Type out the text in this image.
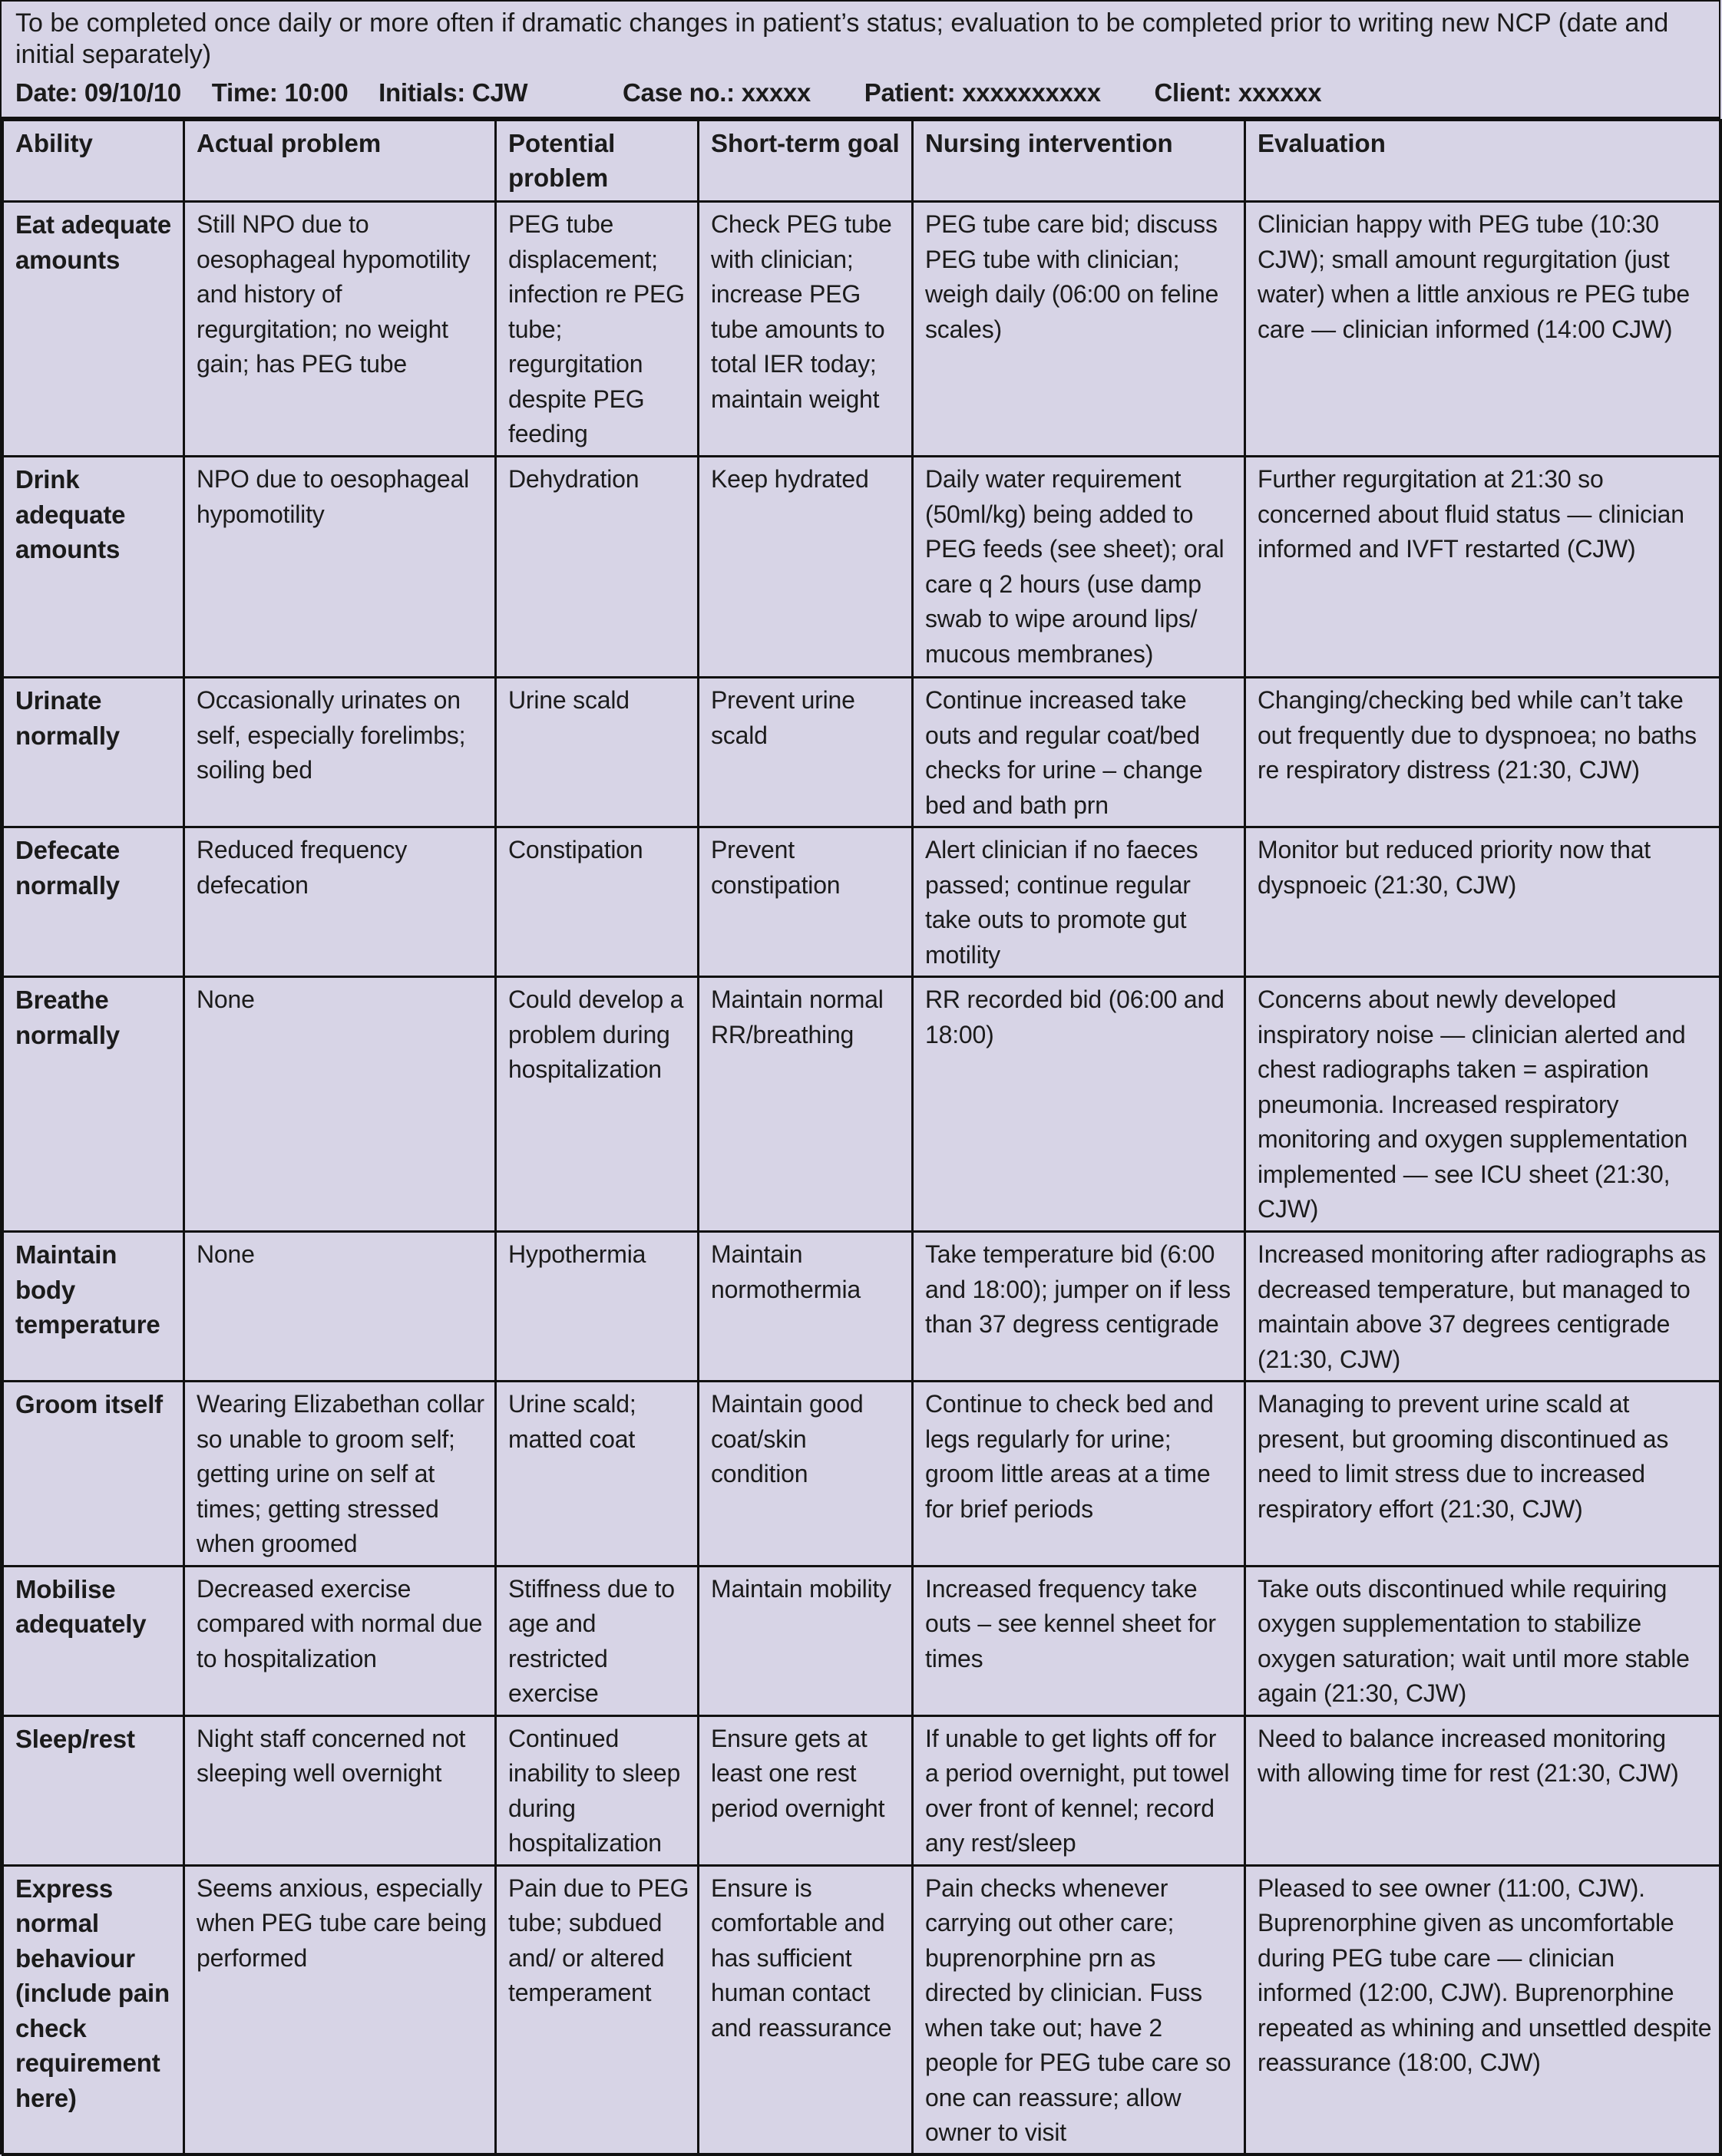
To be completed once daily or more often if dramatic changes in patient’s status; evaluation to be completed prior to writing new NCP (date and initial separately)

Date: 09/10/10 Time: 10:00 Initials: CJW	Case no.: xxxxx Patient: xxxxxxxxxx Client: xxxxxx
Ability	Actual problem	Potential problem	Short-term goal	Nursing intervention	Evaluation
Eat adequate amounts	Still NPO due to oesophageal hypomotility and history of regurgitation; no weight gain; has PEG tube	PEG tube displacement; infection re PEG tube; regurgitation despite PEG feeding	Check PEG tube with clinician; increase PEG tube amounts to total IER today; maintain weight	PEG tube care bid; discuss PEG tube with clinician; weigh daily (06:00 on feline scales)	Clinician happy with PEG tube (10:30 CJW); small amount regurgitation (just water) when a little anxious re PEG tube care — clinician informed (14:00 CJW)
Drink adequate amounts	NPO due to oesophageal hypomotility	Dehydration	Keep hydrated	Daily water requirement (50ml/kg) being added to PEG feeds (see sheet); oral care q 2 hours (use damp swab to wipe around lips/ mucous membranes)	Further regurgitation at 21:30 so concerned about fluid status — clinician informed and IVFT restarted (CJW)
Urinate normally	Occasionally urinates on self, especially forelimbs; soiling bed	Urine scald	Prevent urine scald	Continue increased take outs and regular coat/bed checks for urine – change bed and bath prn	Changing/checking bed while can’t take out frequently due to dyspnoea; no baths re respiratory distress (21:30, CJW)
Defecate normally	Reduced frequency defecation	Constipation	Prevent constipation	Alert clinician if no faeces passed; continue regular take outs to promote gut motility	Monitor but reduced priority now that dyspnoeic (21:30, CJW)
Breathe normally	None	Could develop a problem during hospitalization	Maintain normal RR/breathing	RR recorded bid (06:00 and 18:00)	Concerns about newly developed inspiratory noise — clinician alerted and chest radiographs taken = aspiration pneumonia. Increased respiratory monitoring and oxygen supplementation implemented — see ICU sheet (21:30, CJW)
Maintain body temperature	None	Hypothermia	Maintain normothermia	Take temperature bid (6:00 and 18:00); jumper on if less than 37 degress centigrade	Increased monitoring after radiographs as decreased temperature, but managed to maintain above 37 degrees centigrade (21:30, CJW)
Groom itself	Wearing Elizabethan collar so unable to groom self; getting urine on self at times; getting stressed when groomed	Urine scald; matted coat	Maintain good coat/skin condition	Continue to check bed and legs regularly for urine; groom little areas at a time for brief periods	Managing to prevent urine scald at present, but grooming discontinued as need to limit stress due to increased respiratory effort (21:30, CJW)
Mobilise adequately	Decreased exercise compared with normal due to hospitalization	Stiffness due to age and restricted exercise	Maintain mobility	Increased frequency take outs – see kennel sheet for times	Take outs discontinued while requiring oxygen supplementation to stabilize oxygen saturation; wait until more stable again (21:30, CJW)
Sleep/rest	Night staff concerned not sleeping well overnight	Continued inability to sleep during hospitalization	Ensure gets at least one rest period overnight	If unable to get lights off for a period overnight, put towel over front of kennel; record any rest/sleep	Need to balance increased monitoring with allowing time for rest (21:30, CJW)
Express normal behaviour (include pain check requirement here)	Seems anxious, especially when PEG tube care being performed	Pain due to PEG tube; subdued and/ or altered temperament	Ensure is comfortable and has sufficient human contact and reassurance	Pain checks whenever carrying out other care; buprenorphine prn as directed by clinician. Fuss when take out; have 2 people for PEG tube care so one can reassure; allow owner to visit	Pleased to see owner (11:00, CJW). Buprenorphine given as uncomfortable during PEG tube care — clinician informed (12:00, CJW). Buprenorphine repeated as whining and unsettled despite reassurance (18:00, CJW)
